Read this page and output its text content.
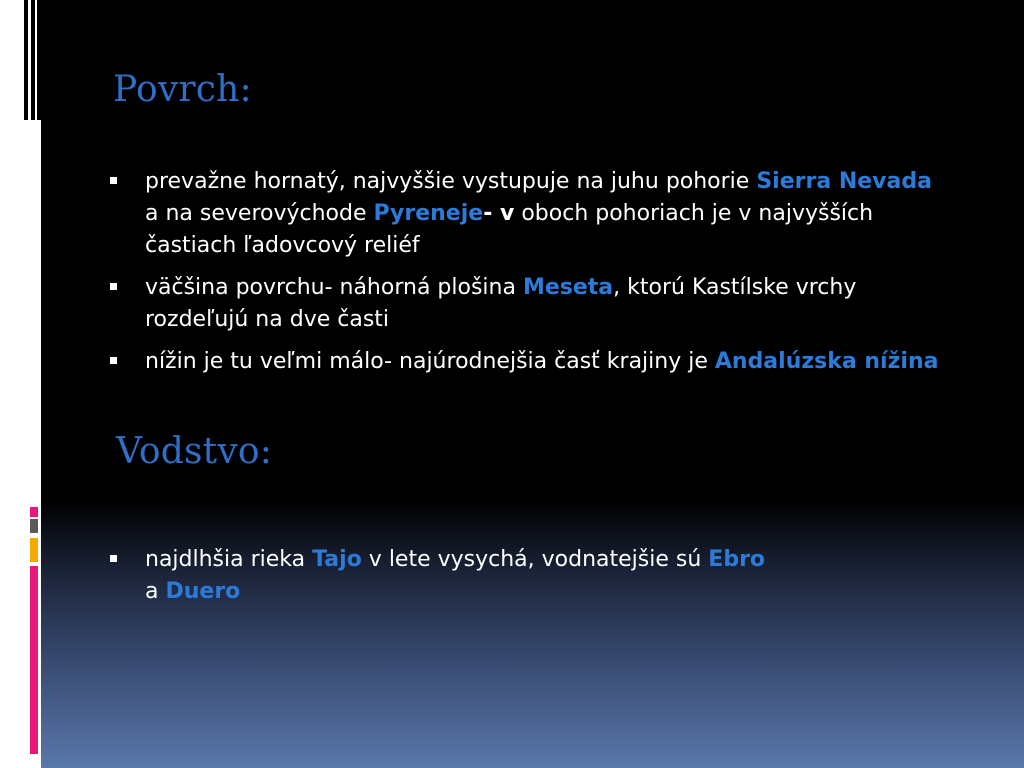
Povrch:
prevažne hornatý, najvyššie vystupuje na juhu pohorie Sierra Nevada a na severovýchode Pyreneje- v oboch pohoriach je v najvyšších častiach ľadovcový reliéf
väčšina povrchu- náhorná plošina Meseta, ktorú Kastílske vrchy rozdeľujú na dve časti
nížin je tu veľmi málo- najúrodnejšia časť krajiny je Andalúzska nížina
Vodstvo:
najdlhšia rieka Tajo v lete vysychá, vodnatejšie sú Ebro
a Duero
